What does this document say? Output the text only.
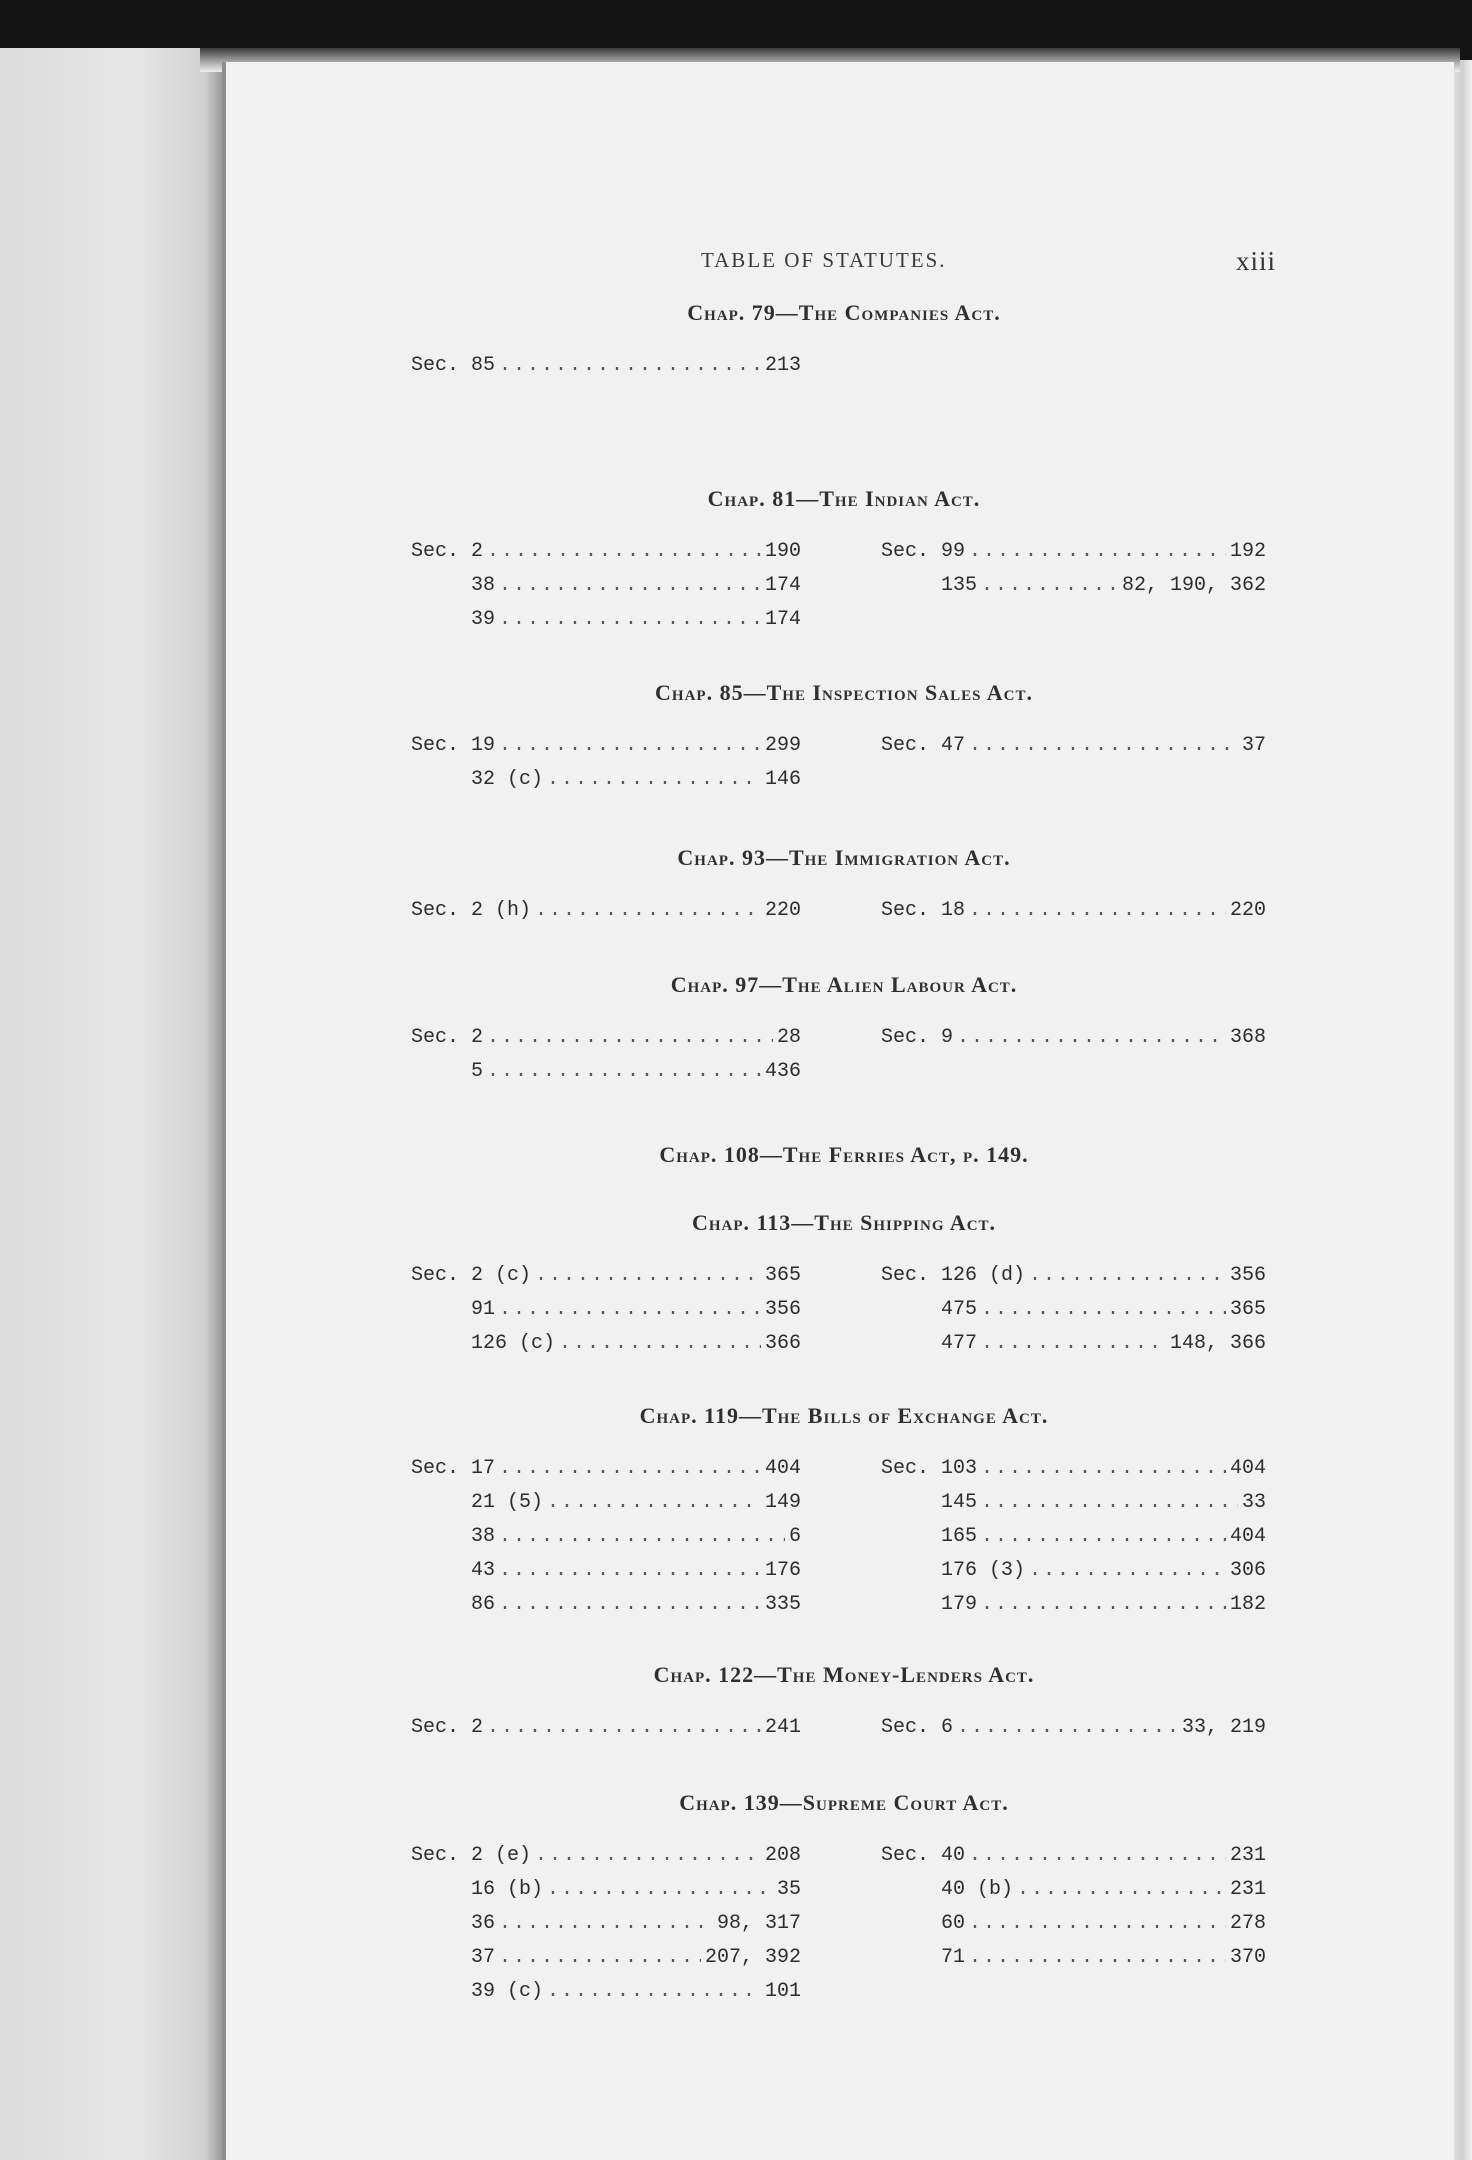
TABLE OF STATUTES.	xiii
Chap. 79—The Companies Act.
Sec. 85 .....	213
Chap. 81—The Indian Act.
Sec. 2 .....	190
38 .....	174
39 .....	174
Sec. 99 .....	192
135 .....	82, 190, 362
Chap. 85—The Inspection Sales Act.
Sec. 19 .....	299
32 (c) .....	146
Sec. 47 .....	37
Chap. 93—The Immigration Act.
Sec. 2 (h) .....	220	Sec. 18 .....	220
Chap. 97—The Alien Labour Act.
Sec. 2 .....	28
5 .....	436
Sec. 9 .....	368
Chap. 108—The Ferries Act, p. 149.
Chap. 113—The Shipping Act.
Sec. 2 (c) .....	365
91 .....	356
126 (c) .....	366
Sec. 126 (d) .....	356
475 .....	365
477 .....	148, 366
Chap. 119—The Bills of Exchange Act.
Sec. 17 .....	404
21 (5) .....	149
38 .....	6
43 .....	176
86 .....	335
Sec. 103 .....	404
145 .....	33
165 .....	404
176 (3) .....	306
179 .....	182
Chap. 122—The Money-Lenders Act.
Sec. 2 .....	241	Sec. 6 .....	33, 219
Chap. 139—Supreme Court Act.
Sec. 2 (e) .....	208
16 (b) .....	35
36 .....	98, 317
37 .....	207, 392
39 (c) .....	101
Sec. 40 .....	231
40 (b) .....	231
60 .....	278
71 .....	370
